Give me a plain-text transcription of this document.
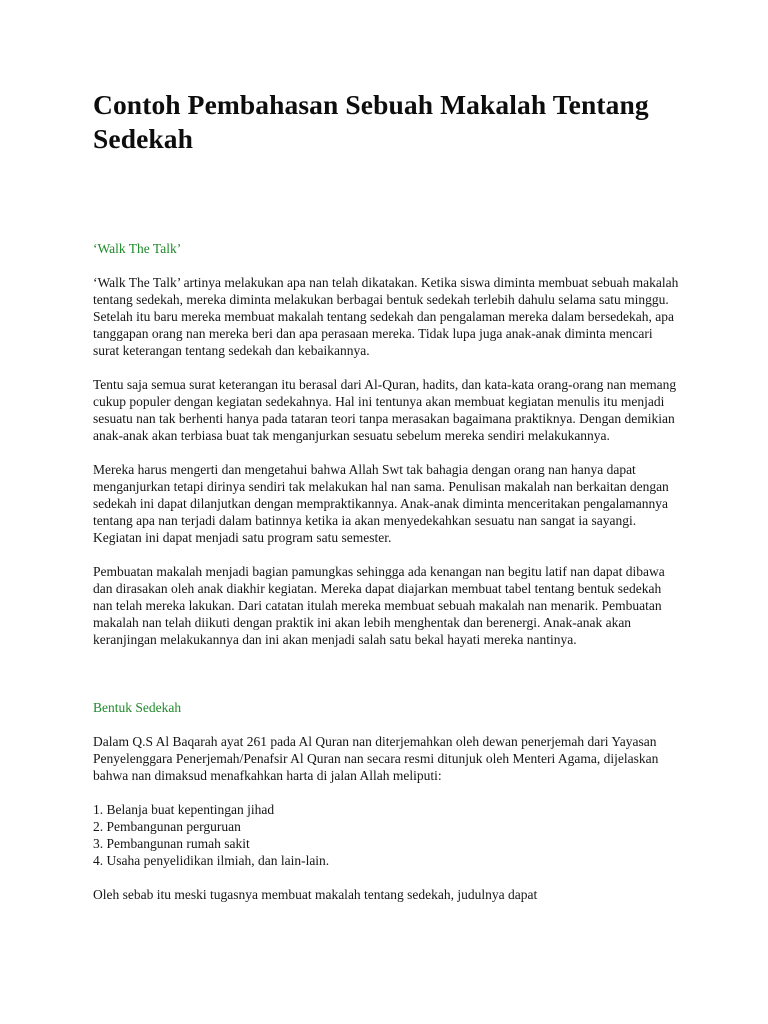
Contoh Pembahasan Sebuah Makalah Tentang Sedekah

‘Walk The Talk’

‘Walk The Talk’ artinya melakukan apa nan telah dikatakan. Ketika siswa diminta membuat sebuah makalah tentang sedekah, mereka diminta melakukan berbagai bentuk sedekah terlebih dahulu selama satu minggu. Setelah itu baru mereka membuat makalah tentang sedekah dan pengalaman mereka dalam bersedekah, apa tanggapan orang nan mereka beri dan apa perasaan mereka. Tidak lupa juga anak-anak diminta mencari surat keterangan tentang sedekah dan kebaikannya.

Tentu saja semua surat keterangan itu berasal dari Al-Quran, hadits, dan kata-kata orang-orang nan memang cukup populer dengan kegiatan sedekahnya. Hal ini tentunya akan membuat kegiatan menulis itu menjadi sesuatu nan tak berhenti hanya pada tataran teori tanpa merasakan bagaimana praktiknya. Dengan demikian anak-anak akan terbiasa buat tak menganjurkan sesuatu sebelum mereka sendiri melakukannya.

Mereka harus mengerti dan mengetahui bahwa Allah Swt tak bahagia dengan orang nan hanya dapat menganjurkan tetapi dirinya sendiri tak melakukan hal nan sama. Penulisan makalah nan berkaitan dengan sedekah ini dapat dilanjutkan dengan mempraktikannya. Anak-anak diminta menceritakan pengalamannya tentang apa nan terjadi dalam batinnya ketika ia akan menyedekahkan sesuatu nan sangat ia sayangi. Kegiatan ini dapat menjadi satu program satu semester.

Pembuatan makalah menjadi bagian pamungkas sehingga ada kenangan nan begitu latif nan dapat dibawa dan dirasakan oleh anak diakhir kegiatan. Mereka dapat diajarkan membuat tabel tentang bentuk sedekah nan telah mereka lakukan. Dari catatan itulah mereka membuat sebuah makalah nan menarik. Pembuatan makalah nan telah diikuti dengan praktik ini akan lebih menghentak dan berenergi. Anak-anak akan keranjingan melakukannya dan ini akan menjadi salah satu bekal hayati mereka nantinya.

Bentuk Sedekah

Dalam Q.S Al Baqarah ayat 261 pada Al Quran nan diterjemahkan oleh dewan penerjemah dari Yayasan Penyelenggara Penerjemah/Penafsir Al Quran nan secara resmi ditunjuk oleh Menteri Agama, dijelaskan bahwa nan dimaksud menafkahkan harta di jalan Allah meliputi:

1. Belanja buat kepentingan jihad
2. Pembangunan perguruan
3. Pembangunan rumah sakit
4. Usaha penyelidikan ilmiah, dan lain-lain.

Oleh sebab itu meski tugasnya membuat makalah tentang sedekah, judulnya dapat
